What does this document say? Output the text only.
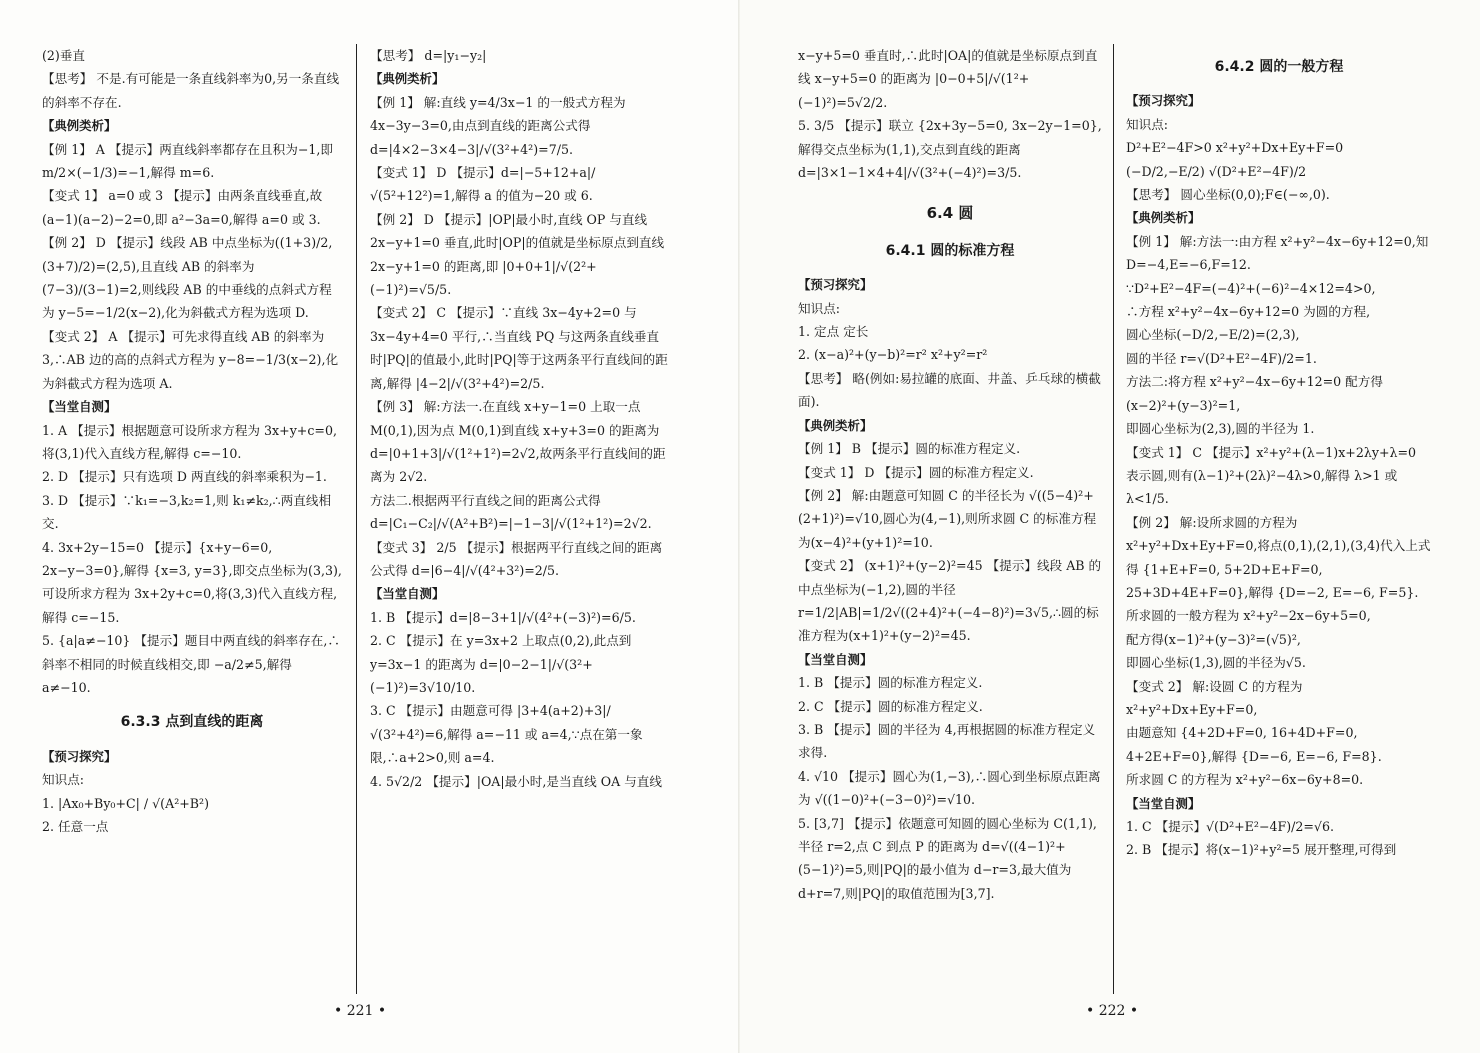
(2)垂直

【思考】 不是.有可能是一条直线斜率为0,另一条直线的斜率不存在.

【典例类析】

【例 1】 A 【提示】两直线斜率都存在且积为−1,即 m/2×(−1/3)=−1,解得 m=6.

【变式 1】 a=0 或 3 【提示】由两条直线垂直,故(a−1)(a−2)−2=0,即 a²−3a=0,解得 a=0 或 3.

【例 2】 D 【提示】线段 AB 中点坐标为((1+3)/2,(3+7)/2)=(2,5),且直线 AB 的斜率为 (7−3)/(3−1)=2,则线段 AB 的中垂线的点斜式方程为 y−5=−1/2(x−2),化为斜截式方程为选项 D.

【变式 2】 A 【提示】可先求得直线 AB 的斜率为 3,∴AB 边的高的点斜式方程为 y−8=−1/3(x−2),化为斜截式方程为选项 A.

【当堂自测】

1. A 【提示】根据题意可设所求方程为 3x+y+c=0,将(3,1)代入直线方程,解得 c=−10.

2. D 【提示】只有选项 D 两直线的斜率乘积为−1.

3. D 【提示】∵k₁=−3,k₂=1,则 k₁≠k₂,∴两直线相交.

4. 3x+2y−15=0 【提示】{x+y−6=0, 2x−y−3=0},解得 {x=3, y=3},即交点坐标为(3,3),可设所求方程为 3x+2y+c=0,将(3,3)代入直线方程,解得 c=−15.

5. {a|a≠−10} 【提示】题目中两直线的斜率存在,∴斜率不相同的时候直线相交,即 −a/2≠5,解得 a≠−10.

6.3.3 点到直线的距离

【预习探究】

知识点:

1. |Ax₀+By₀+C| / √(A²+B²)

2. 任意一点

【思考】 d=|y₁−y₂|

【典例类析】

【例 1】 解:直线 y=4/3x−1 的一般式方程为 4x−3y−3=0,由点到直线的距离公式得 d=|4×2−3×4−3|/√(3²+4²)=7/5.

【变式 1】 D 【提示】d=|−5+12+a|/√(5²+12²)=1,解得 a 的值为−20 或 6.

【例 2】 D 【提示】|OP|最小时,直线 OP 与直线 2x−y+1=0 垂直,此时|OP|的值就是坐标原点到直线 2x−y+1=0 的距离,即 |0+0+1|/√(2²+(−1)²)=√5/5.

【变式 2】 C 【提示】∵直线 3x−4y+2=0 与 3x−4y+4=0 平行,∴当直线 PQ 与这两条直线垂直时|PQ|的值最小,此时|PQ|等于这两条平行直线间的距离,解得 |4−2|/√(3²+4²)=2/5.

【例 3】 解:方法一.在直线 x+y−1=0 上取一点 M(0,1),因为点 M(0,1)到直线 x+y+3=0 的距离为 d=|0+1+3|/√(1²+1²)=2√2,故两条平行直线间的距离为 2√2.

方法二.根据两平行直线之间的距离公式得 d=|C₁−C₂|/√(A²+B²)=|−1−3|/√(1²+1²)=2√2.

【变式 3】 2/5 【提示】根据两平行直线之间的距离公式得 d=|6−4|/√(4²+3²)=2/5.

【当堂自测】

1. B 【提示】d=|8−3+1|/√(4²+(−3)²)=6/5.

2. C 【提示】在 y=3x+2 上取点(0,2),此点到 y=3x−1 的距离为 d=|0−2−1|/√(3²+(−1)²)=3√10/10.

3. C 【提示】由题意可得 |3+4(a+2)+3|/√(3²+4²)=6,解得 a=−11 或 a=4,∵点在第一象限,∴a+2>0,则 a=4.

4. 5√2/2 【提示】|OA|最小时,是当直线 OA 与直线

• 221 •

x−y+5=0 垂直时,∴此时|OA|的值就是坐标原点到直线 x−y+5=0 的距离为 |0−0+5|/√(1²+(−1)²)=5√2/2.

5. 3/5 【提示】联立 {2x+3y−5=0, 3x−2y−1=0},解得交点坐标为(1,1),交点到直线的距离 d=|3×1−1×4+4|/√(3²+(−4)²)=3/5.

6.4 圆

6.4.1 圆的标准方程

【预习探究】

知识点:

1. 定点 定长

2. (x−a)²+(y−b)²=r² x²+y²=r²

【思考】 略(例如:易拉罐的底面、井盖、乒乓球的横截面).

【典例类析】

【例 1】 B 【提示】圆的标准方程定义.

【变式 1】 D 【提示】圆的标准方程定义.

【例 2】 解:由题意可知圆 C 的半径长为 √((5−4)²+(2+1)²)=√10,圆心为(4,−1),则所求圆 C 的标准方程为(x−4)²+(y+1)²=10.

【变式 2】 (x+1)²+(y−2)²=45 【提示】线段 AB 的中点坐标为(−1,2),圆的半径 r=1/2|AB|=1/2√((2+4)²+(−4−8)²)=3√5,∴圆的标准方程为(x+1)²+(y−2)²=45.

【当堂自测】

1. B 【提示】圆的标准方程定义.

2. C 【提示】圆的标准方程定义.

3. B 【提示】圆的半径为 4,再根据圆的标准方程定义求得.

4. √10 【提示】圆心为(1,−3),∴圆心到坐标原点距离为 √((1−0)²+(−3−0)²)=√10.

5. [3,7] 【提示】依题意可知圆的圆心坐标为 C(1,1),半径 r=2,点 C 到点 P 的距离为 d=√((4−1)²+(5−1)²)=5,则|PQ|的最小值为 d−r=3,最大值为 d+r=7,则|PQ|的取值范围为[3,7].

6.4.2 圆的一般方程

【预习探究】

知识点:

D²+E²−4F>0 x²+y²+Dx+Ey+F=0

(−D/2,−E/2) √(D²+E²−4F)/2

【思考】 圆心坐标(0,0);F∈(−∞,0).

【典例类析】

【例 1】 解:方法一:由方程 x²+y²−4x−6y+12=0,知 D=−4,E=−6,F=12.

∵D²+E²−4F=(−4)²+(−6)²−4×12=4>0,

∴方程 x²+y²−4x−6y+12=0 为圆的方程,

圆心坐标(−D/2,−E/2)=(2,3),

圆的半径 r=√(D²+E²−4F)/2=1.

方法二:将方程 x²+y²−4x−6y+12=0 配方得(x−2)²+(y−3)²=1,

即圆心坐标为(2,3),圆的半径为 1.

【变式 1】 C 【提示】x²+y²+(λ−1)x+2λy+λ=0 表示圆,则有(λ−1)²+(2λ)²−4λ>0,解得 λ>1 或 λ<1/5.

【例 2】 解:设所求圆的方程为 x²+y²+Dx+Ey+F=0,将点(0,1),(2,1),(3,4)代入上式得 {1+E+F=0, 5+2D+E+F=0, 25+3D+4E+F=0},解得 {D=−2, E=−6, F=5}.

所求圆的一般方程为 x²+y²−2x−6y+5=0,

配方得(x−1)²+(y−3)²=(√5)²,

即圆心坐标(1,3),圆的半径为√5.

【变式 2】 解:设圆 C 的方程为 x²+y²+Dx+Ey+F=0,

由题意知 {4+2D+F=0, 16+4D+F=0, 4+2E+F=0},解得 {D=−6, E=−6, F=8}.

所求圆 C 的方程为 x²+y²−6x−6y+8=0.

【当堂自测】

1. C 【提示】√(D²+E²−4F)/2=√6.

2. B 【提示】将(x−1)²+y²=5 展开整理,可得到

• 222 •
